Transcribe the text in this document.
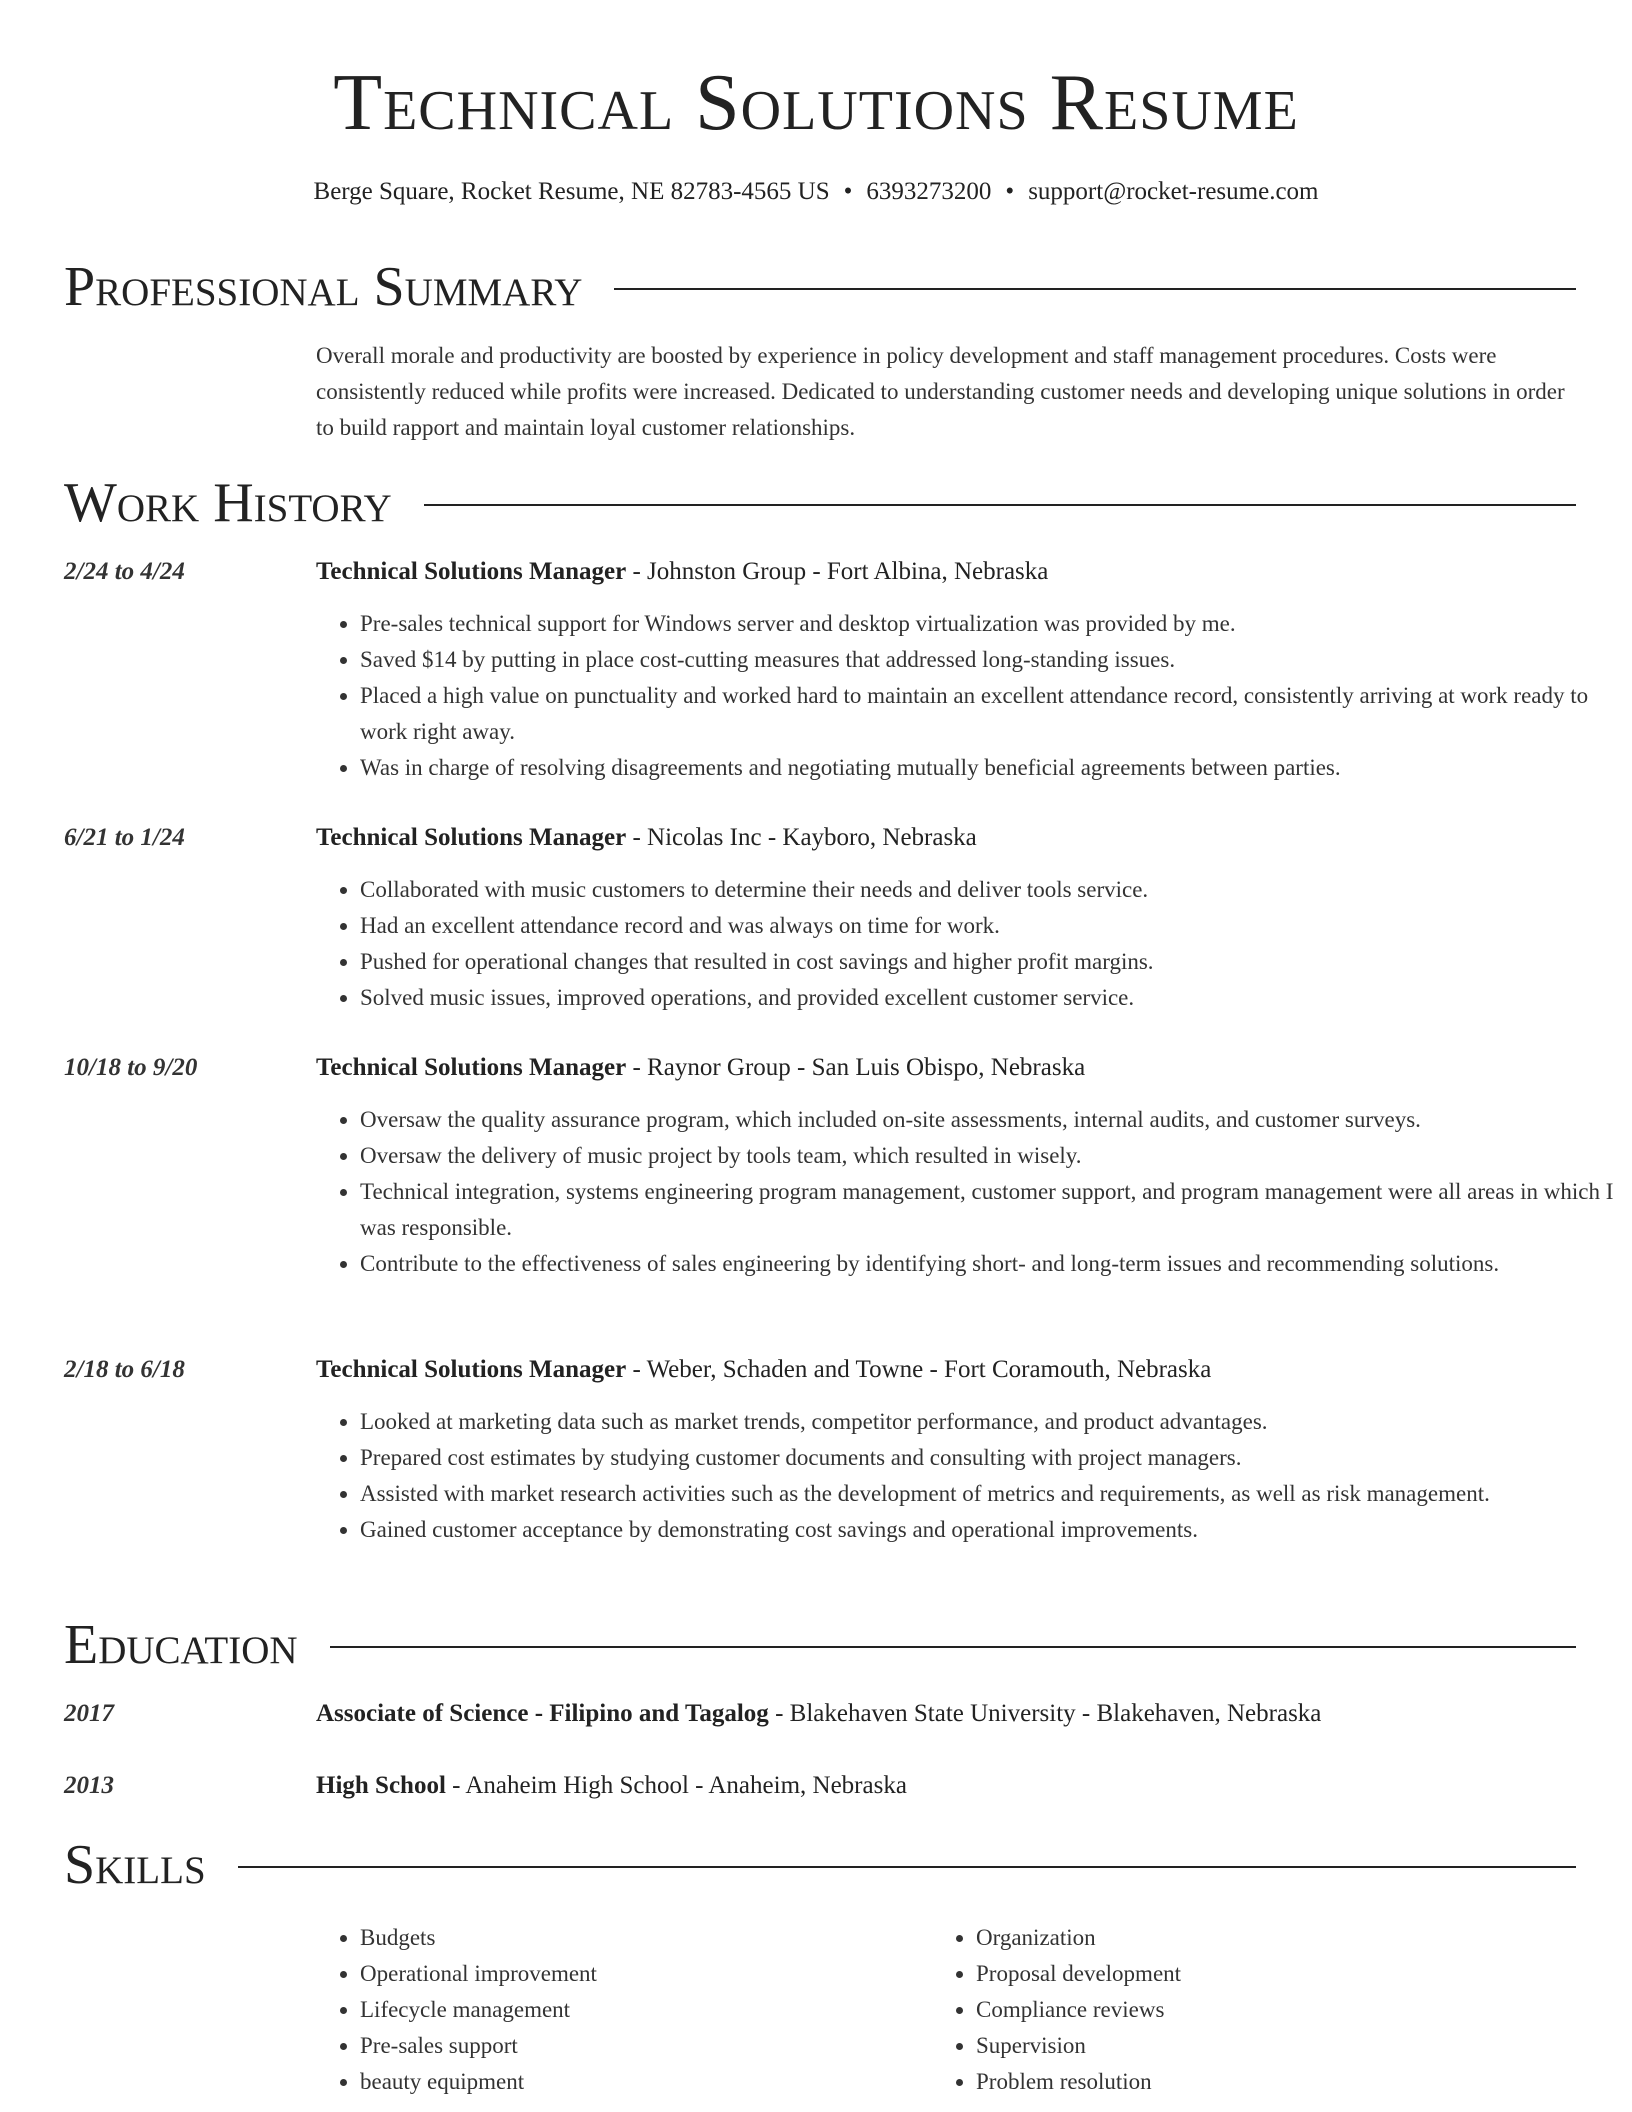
Technical Solutions Resume
Berge Square, Rocket Resume, NE 82783-4565 US • 6393273200 • support@rocket-resume.com
Professional Summary
Overall morale and productivity are boosted by experience in policy development and staff management procedures. Costs were consistently reduced while profits were increased. Dedicated to understanding customer needs and developing unique solutions in order to build rapport and maintain loyal customer relationships.
Work History
2/24 to 4/24	Technical Solutions Manager - Johnston Group - Fort Albina, Nebraska
• Pre-sales technical support for Windows server and desktop virtualization was provided by me.
• Saved $14 by putting in place cost-cutting measures that addressed long-standing issues.
• Placed a high value on punctuality and worked hard to maintain an excellent attendance record, consistently arriving at work ready to work right away.
• Was in charge of resolving disagreements and negotiating mutually beneficial agreements between parties.
6/21 to 1/24	Technical Solutions Manager - Nicolas Inc - Kayboro, Nebraska
• Collaborated with music customers to determine their needs and deliver tools service.
• Had an excellent attendance record and was always on time for work.
• Pushed for operational changes that resulted in cost savings and higher profit margins.
• Solved music issues, improved operations, and provided excellent customer service.
10/18 to 9/20	Technical Solutions Manager - Raynor Group - San Luis Obispo, Nebraska
• Oversaw the quality assurance program, which included on-site assessments, internal audits, and customer surveys.
• Oversaw the delivery of music project by tools team, which resulted in wisely.
• Technical integration, systems engineering program management, customer support, and program management were all areas in which I was responsible.
• Contribute to the effectiveness of sales engineering by identifying short- and long-term issues and recommending solutions.
2/18 to 6/18	Technical Solutions Manager - Weber, Schaden and Towne - Fort Coramouth, Nebraska
• Looked at marketing data such as market trends, competitor performance, and product advantages.
• Prepared cost estimates by studying customer documents and consulting with project managers.
• Assisted with market research activities such as the development of metrics and requirements, as well as risk management.
• Gained customer acceptance by demonstrating cost savings and operational improvements.
Education
2017	Associate of Science - Filipino and Tagalog - Blakehaven State University - Blakehaven, Nebraska
2013	High School - Anaheim High School - Anaheim, Nebraska
Skills
• Budgets
• Operational improvement
• Lifecycle management
• Pre-sales support
• beauty equipment
• Organization
• Proposal development
• Compliance reviews
• Supervision
• Problem resolution
